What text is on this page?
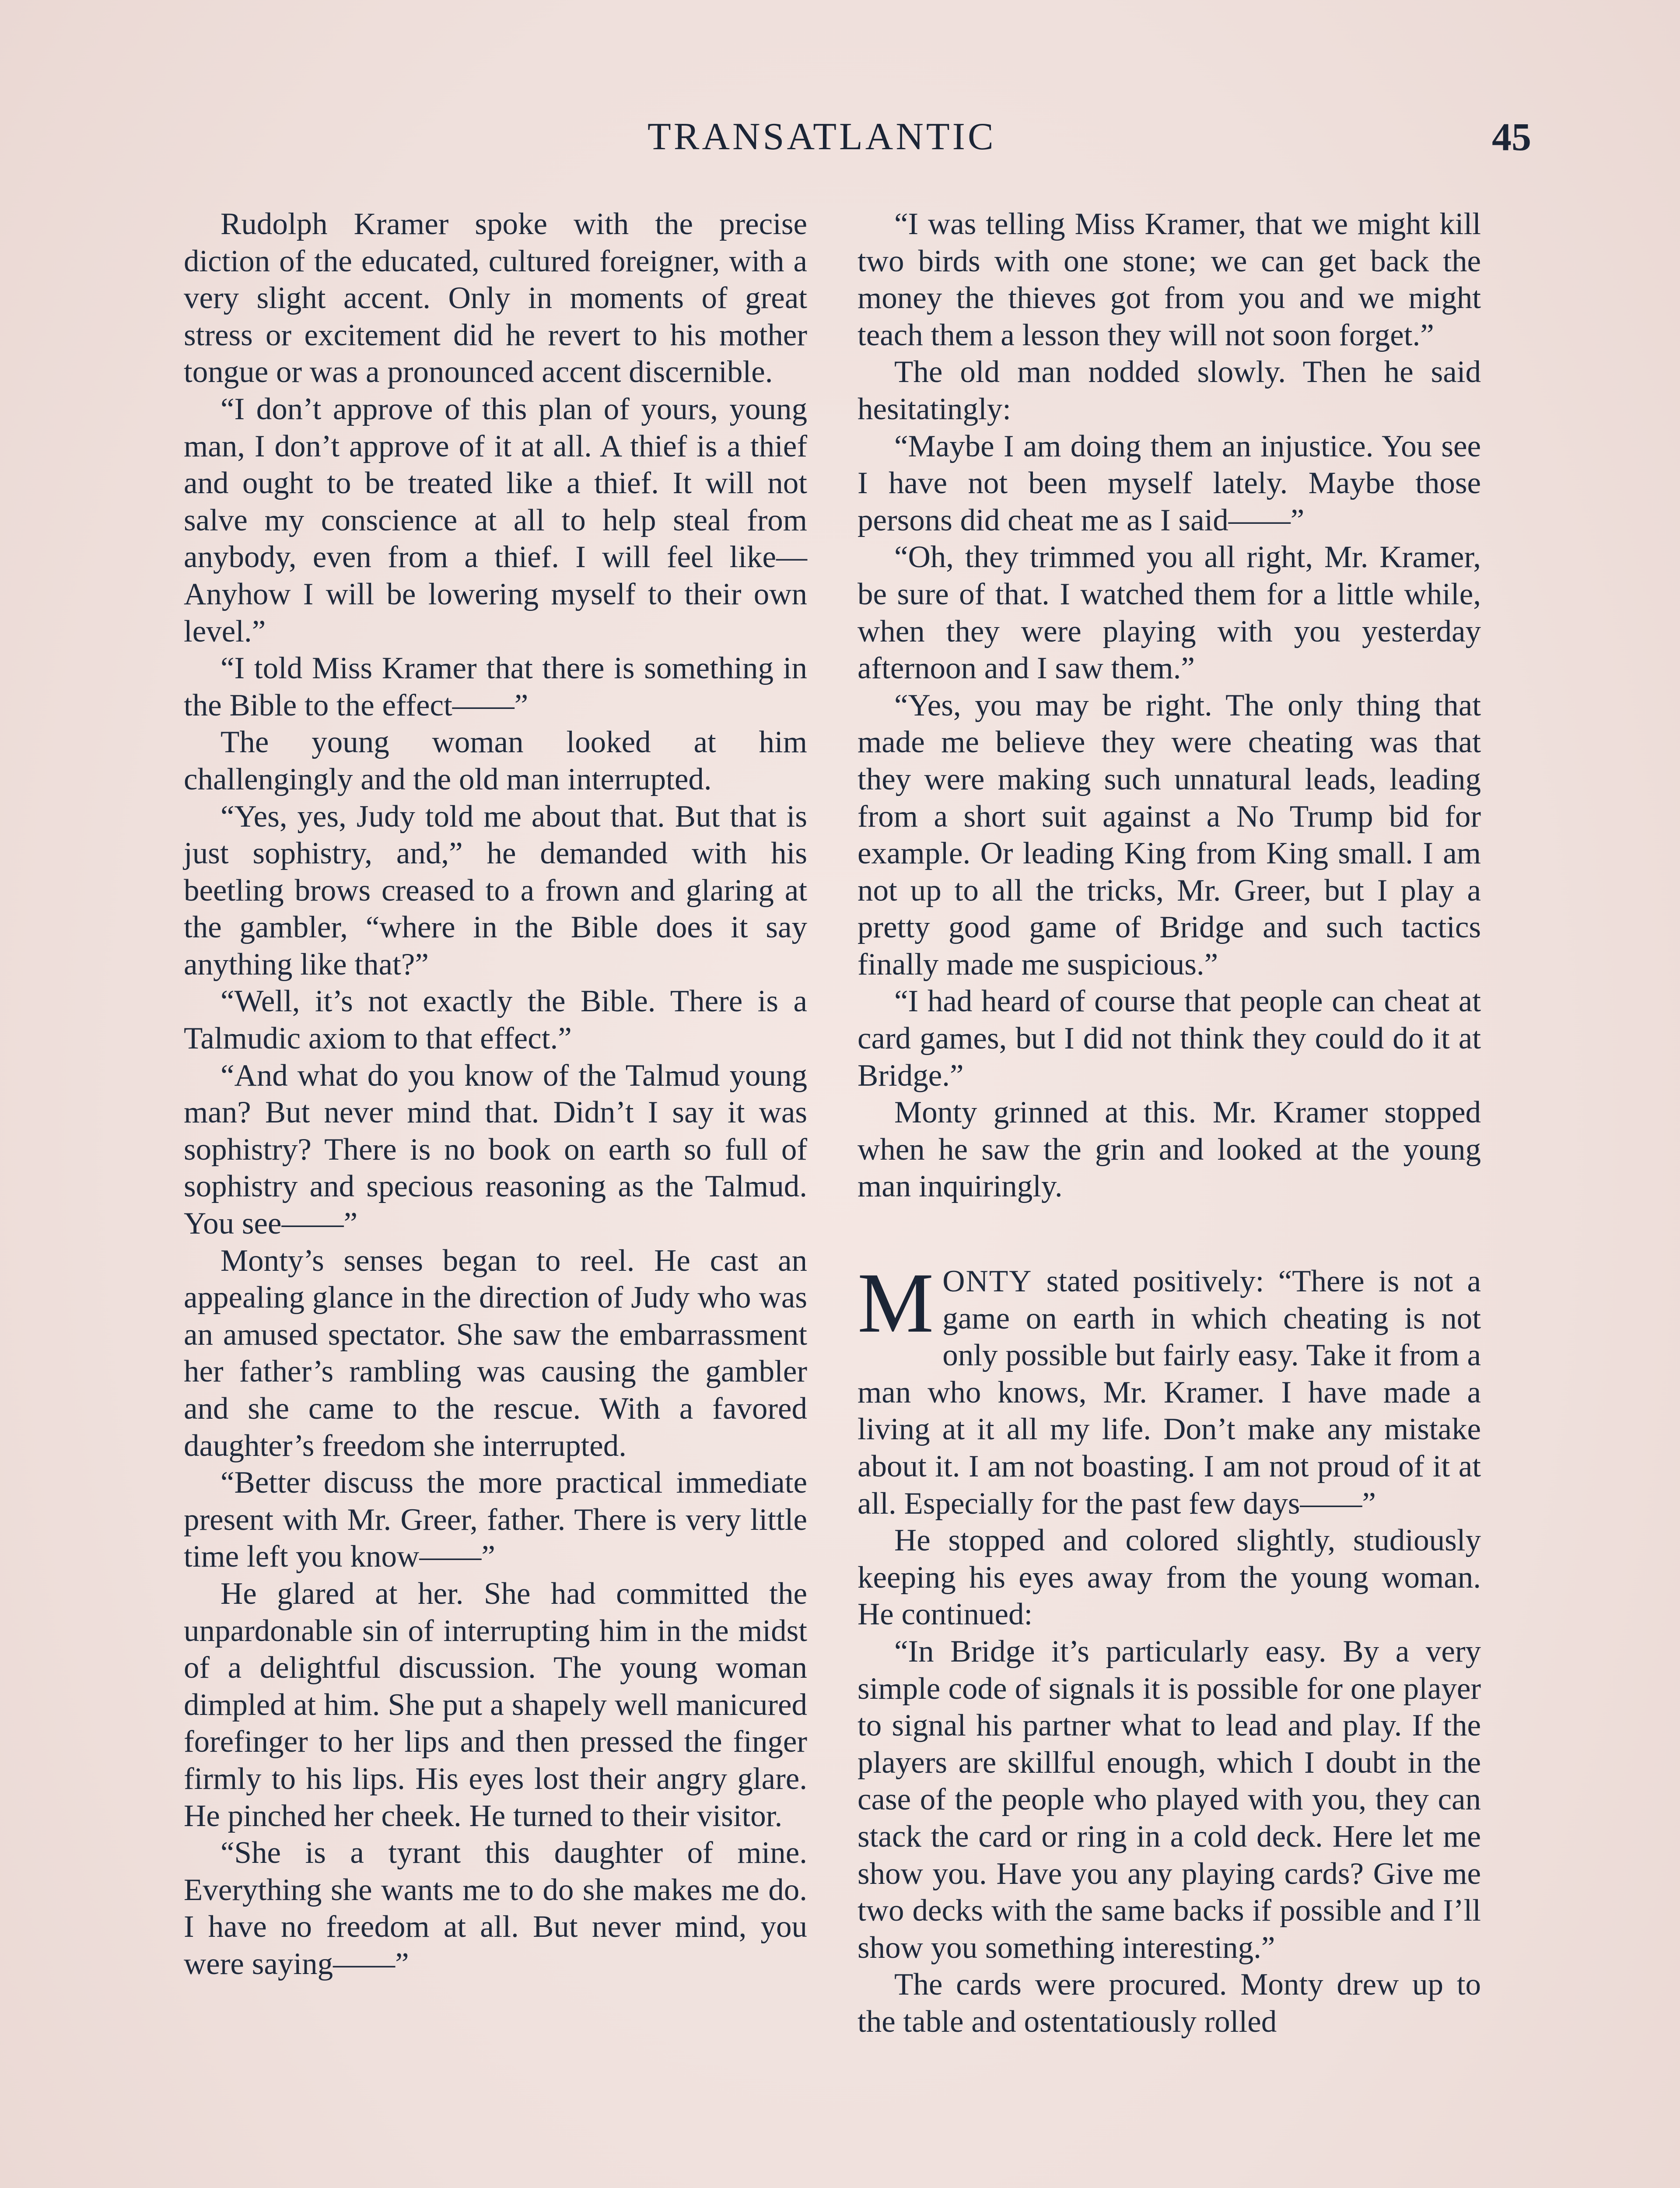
TRANSATLANTIC	45

Rudolph Kramer spoke with the precise diction of the educated, cultured foreigner, with a very slight accent. Only in moments of great stress or excitement did he revert to his mother tongue or was a pronounced accent discernible.

“I don’t approve of this plan of yours, young man, I don’t approve of it at all. A thief is a thief and ought to be treated like a thief. It will not salve my conscience at all to help steal from anybody, even from a thief. I will feel like—Anyhow I will be lowering myself to their own level.”

“I told Miss Kramer that there is something in the Bible to the effect——”

The young woman looked at him challengingly and the old man interrupted.

“Yes, yes, Judy told me about that. But that is just sophistry, and,” he demanded with his beetling brows creased to a frown and glaring at the gambler, “where in the Bible does it say anything like that?”

“Well, it’s not exactly the Bible. There is a Talmudic axiom to that effect.”

“And what do you know of the Talmud young man? But never mind that. Didn’t I say it was sophistry? There is no book on earth so full of sophistry and specious reasoning as the Talmud. You see——”

Monty’s senses began to reel. He cast an appealing glance in the direction of Judy who was an amused spectator. She saw the embarrassment her father’s rambling was causing the gambler and she came to the rescue. With a favored daughter’s freedom she interrupted.

“Better discuss the more practical immediate present with Mr. Greer, father. There is very little time left you know——”

He glared at her. She had committed the unpardonable sin of interrupting him in the midst of a delightful discussion. The young woman dimpled at him. She put a shapely well manicured forefinger to her lips and then pressed the finger firmly to his lips. His eyes lost their angry glare. He pinched her cheek. He turned to their visitor.

“She is a tyrant this daughter of mine. Everything she wants me to do she makes me do. I have no freedom at all. But never mind, you were saying——”

“I was telling Miss Kramer, that we might kill two birds with one stone; we can get back the money the thieves got from you and we might teach them a lesson they will not soon forget.”

The old man nodded slowly. Then he said hesitatingly:

“Maybe I am doing them an injustice. You see I have not been myself lately. Maybe those persons did cheat me as I said——”

“Oh, they trimmed you all right, Mr. Kramer, be sure of that. I watched them for a little while, when they were playing with you yesterday afternoon and I saw them.”

“Yes, you may be right. The only thing that made me believe they were cheating was that they were making such unnatural leads, leading from a short suit against a No Trump bid for example. Or leading King from King small. I am not up to all the tricks, Mr. Greer, but I play a pretty good game of Bridge and such tactics finally made me suspicious.”

“I had heard of course that people can cheat at card games, but I did not think they could do it at Bridge.”

Monty grinned at this. Mr. Kramer stopped when he saw the grin and looked at the young man inquiringly.

MONTY stated positively: “There is not a game on earth in which cheating is not only possible but fairly easy. Take it from a man who knows, Mr. Kramer. I have made a living at it all my life. Don’t make any mistake about it. I am not boasting. I am not proud of it at all. Especially for the past few days——”

He stopped and colored slightly, studiously keeping his eyes away from the young woman. He continued:

“In Bridge it’s particularly easy. By a very simple code of signals it is possible for one player to signal his partner what to lead and play. If the players are skillful enough, which I doubt in the case of the people who played with you, they can stack the card or ring in a cold deck. Here let me show you. Have you any playing cards? Give me two decks with the same backs if possible and I’ll show you something interesting.”

The cards were procured. Monty drew up to the table and ostentatiously rolled
